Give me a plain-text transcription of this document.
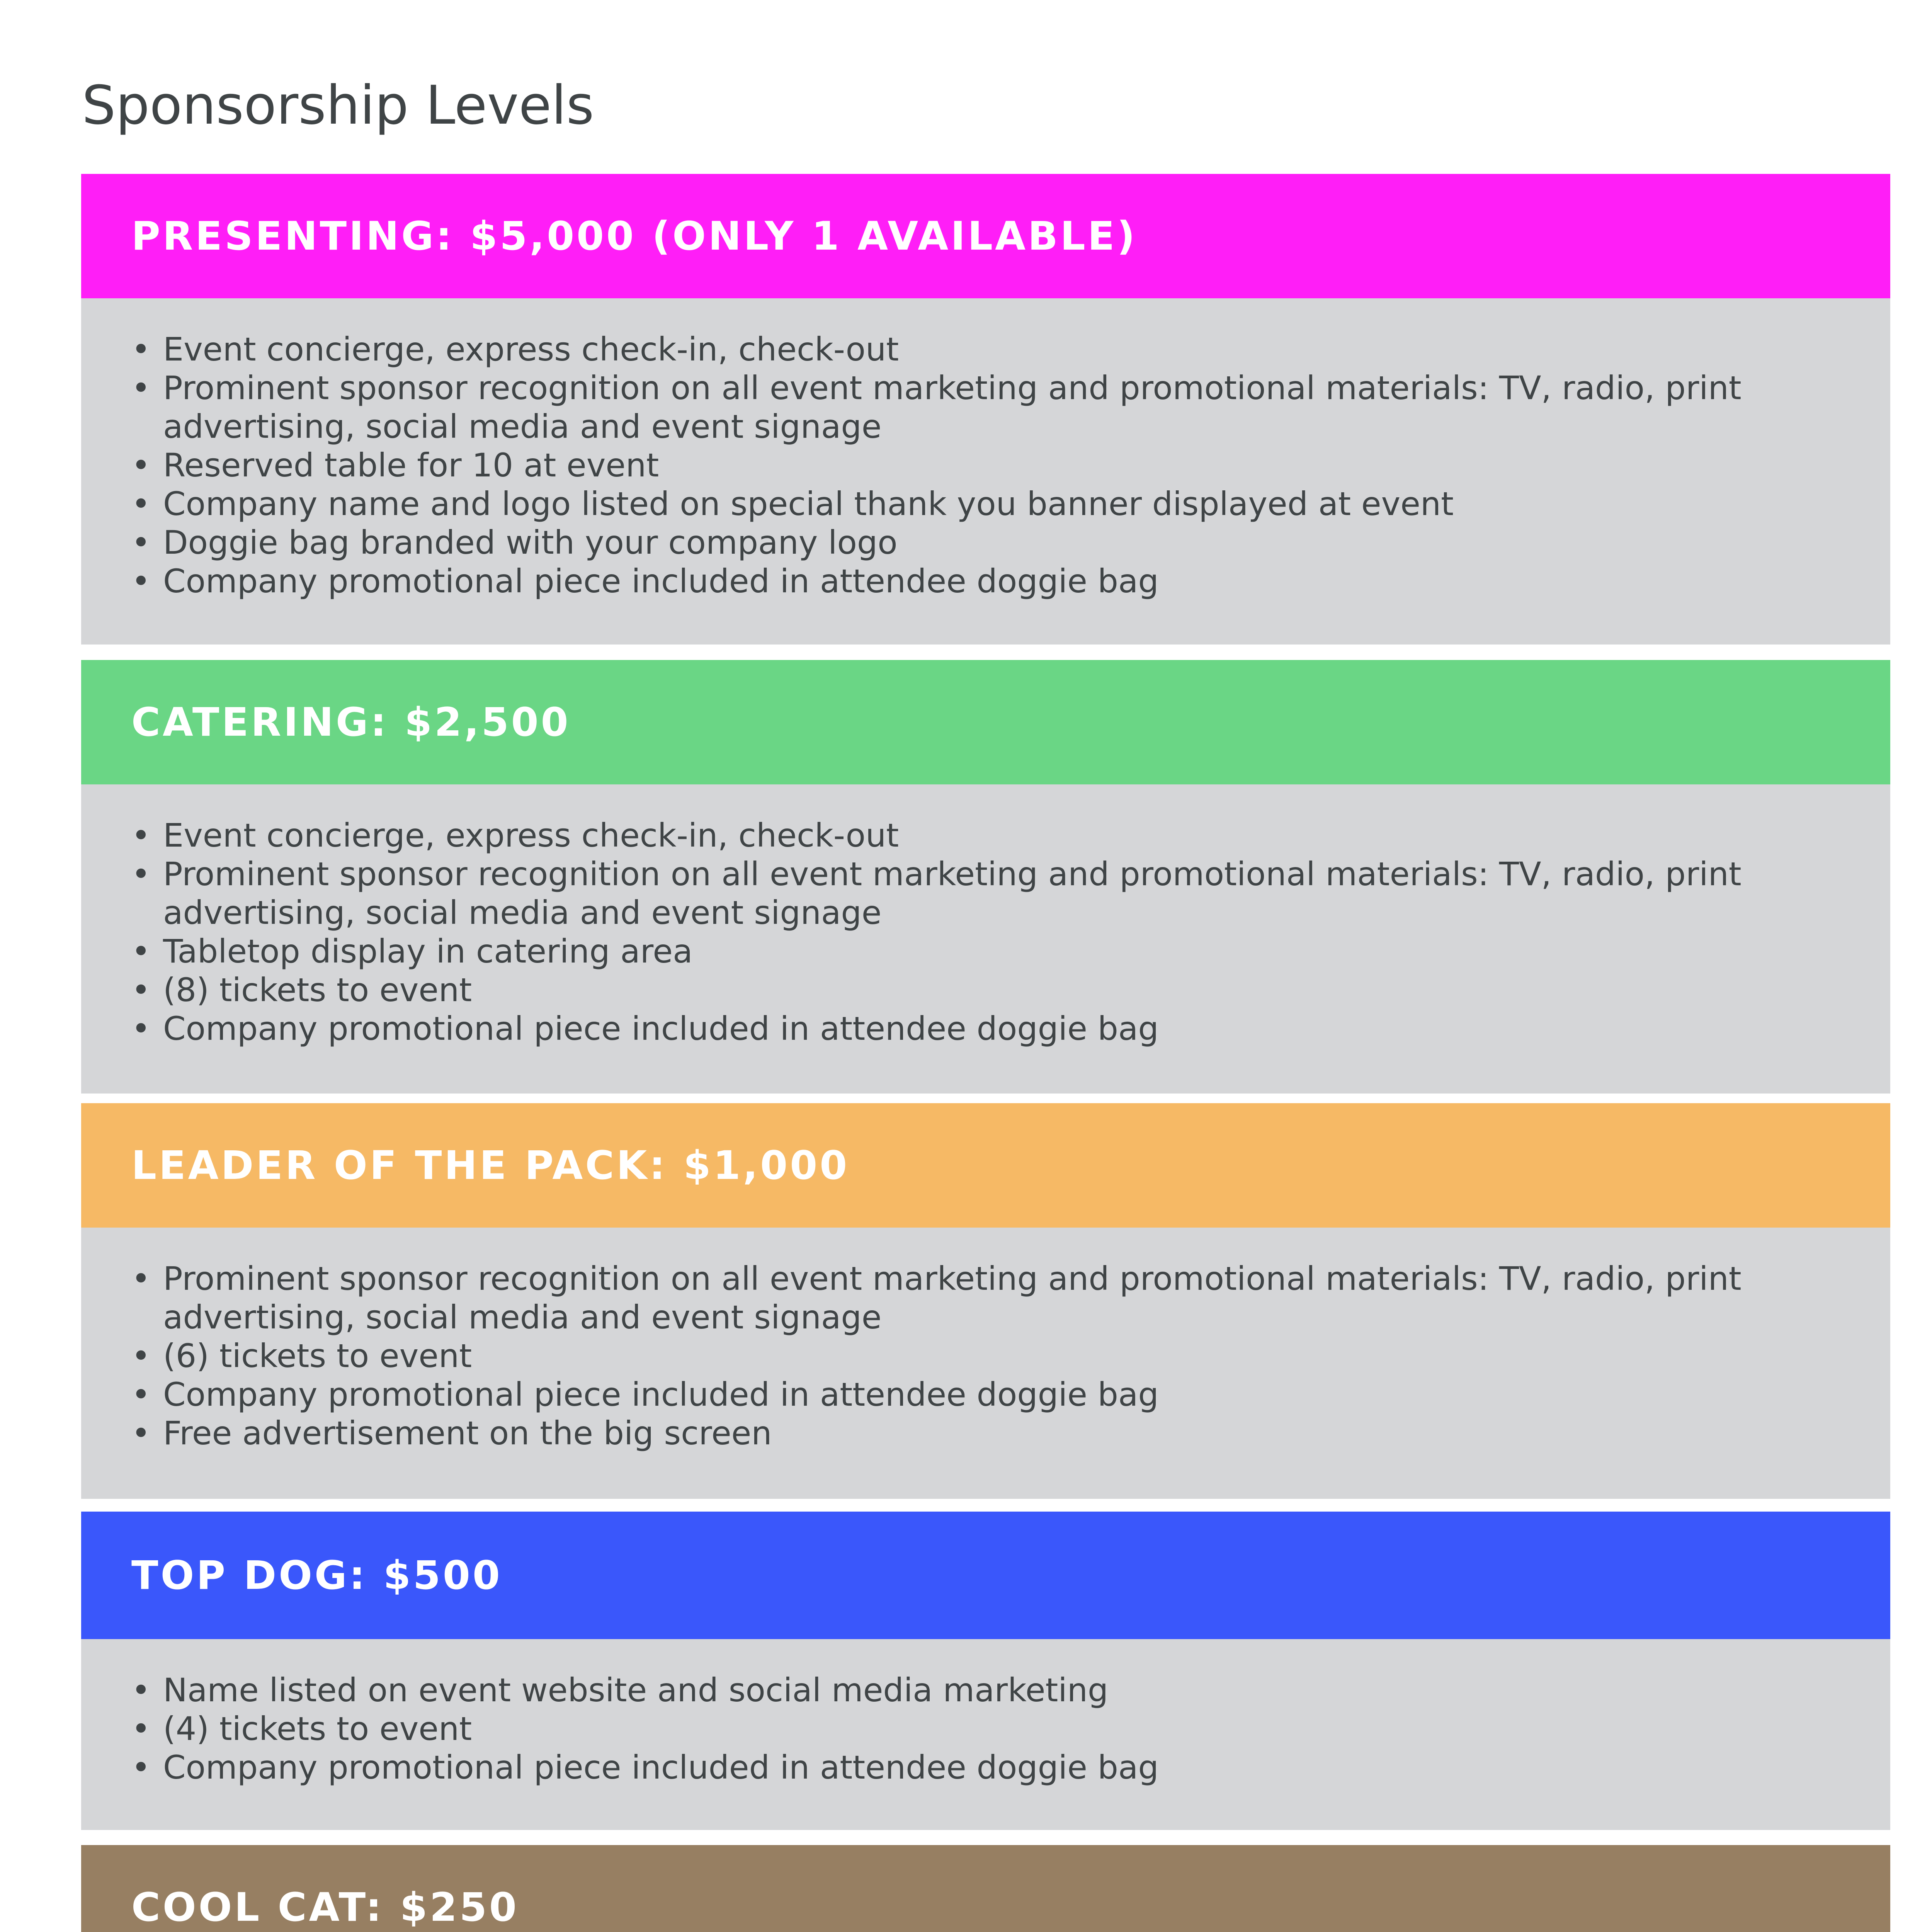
Sponsorship Levels
PRESENTING: $5,000 (ONLY 1 AVAILABLE)
• Event concierge, express check-in, check-out
• Prominent sponsor recognition on all event marketing and promotional materials: TV, radio, print advertising, social media and event signage
• Reserved table for 10 at event
• Company name and logo listed on special thank you banner displayed at event
• Doggie bag branded with your company logo
• Company promotional piece included in attendee doggie bag
CATERING: $2,500
• Event concierge, express check-in, check-out
• Prominent sponsor recognition on all event marketing and promotional materials: TV, radio, print advertising, social media and event signage
• Tabletop display in catering area
• (8) tickets to event
• Company promotional piece included in attendee doggie bag
LEADER OF THE PACK: $1,000
• Prominent sponsor recognition on all event marketing and promotional materials: TV, radio, print advertising, social media and event signage
• (6) tickets to event
• Company promotional piece included in attendee doggie bag
• Free advertisement on the big screen
TOP DOG: $500
• Name listed on event website and social media marketing
• (4) tickets to event
• Company promotional piece included in attendee doggie bag
COOL CAT: $250
